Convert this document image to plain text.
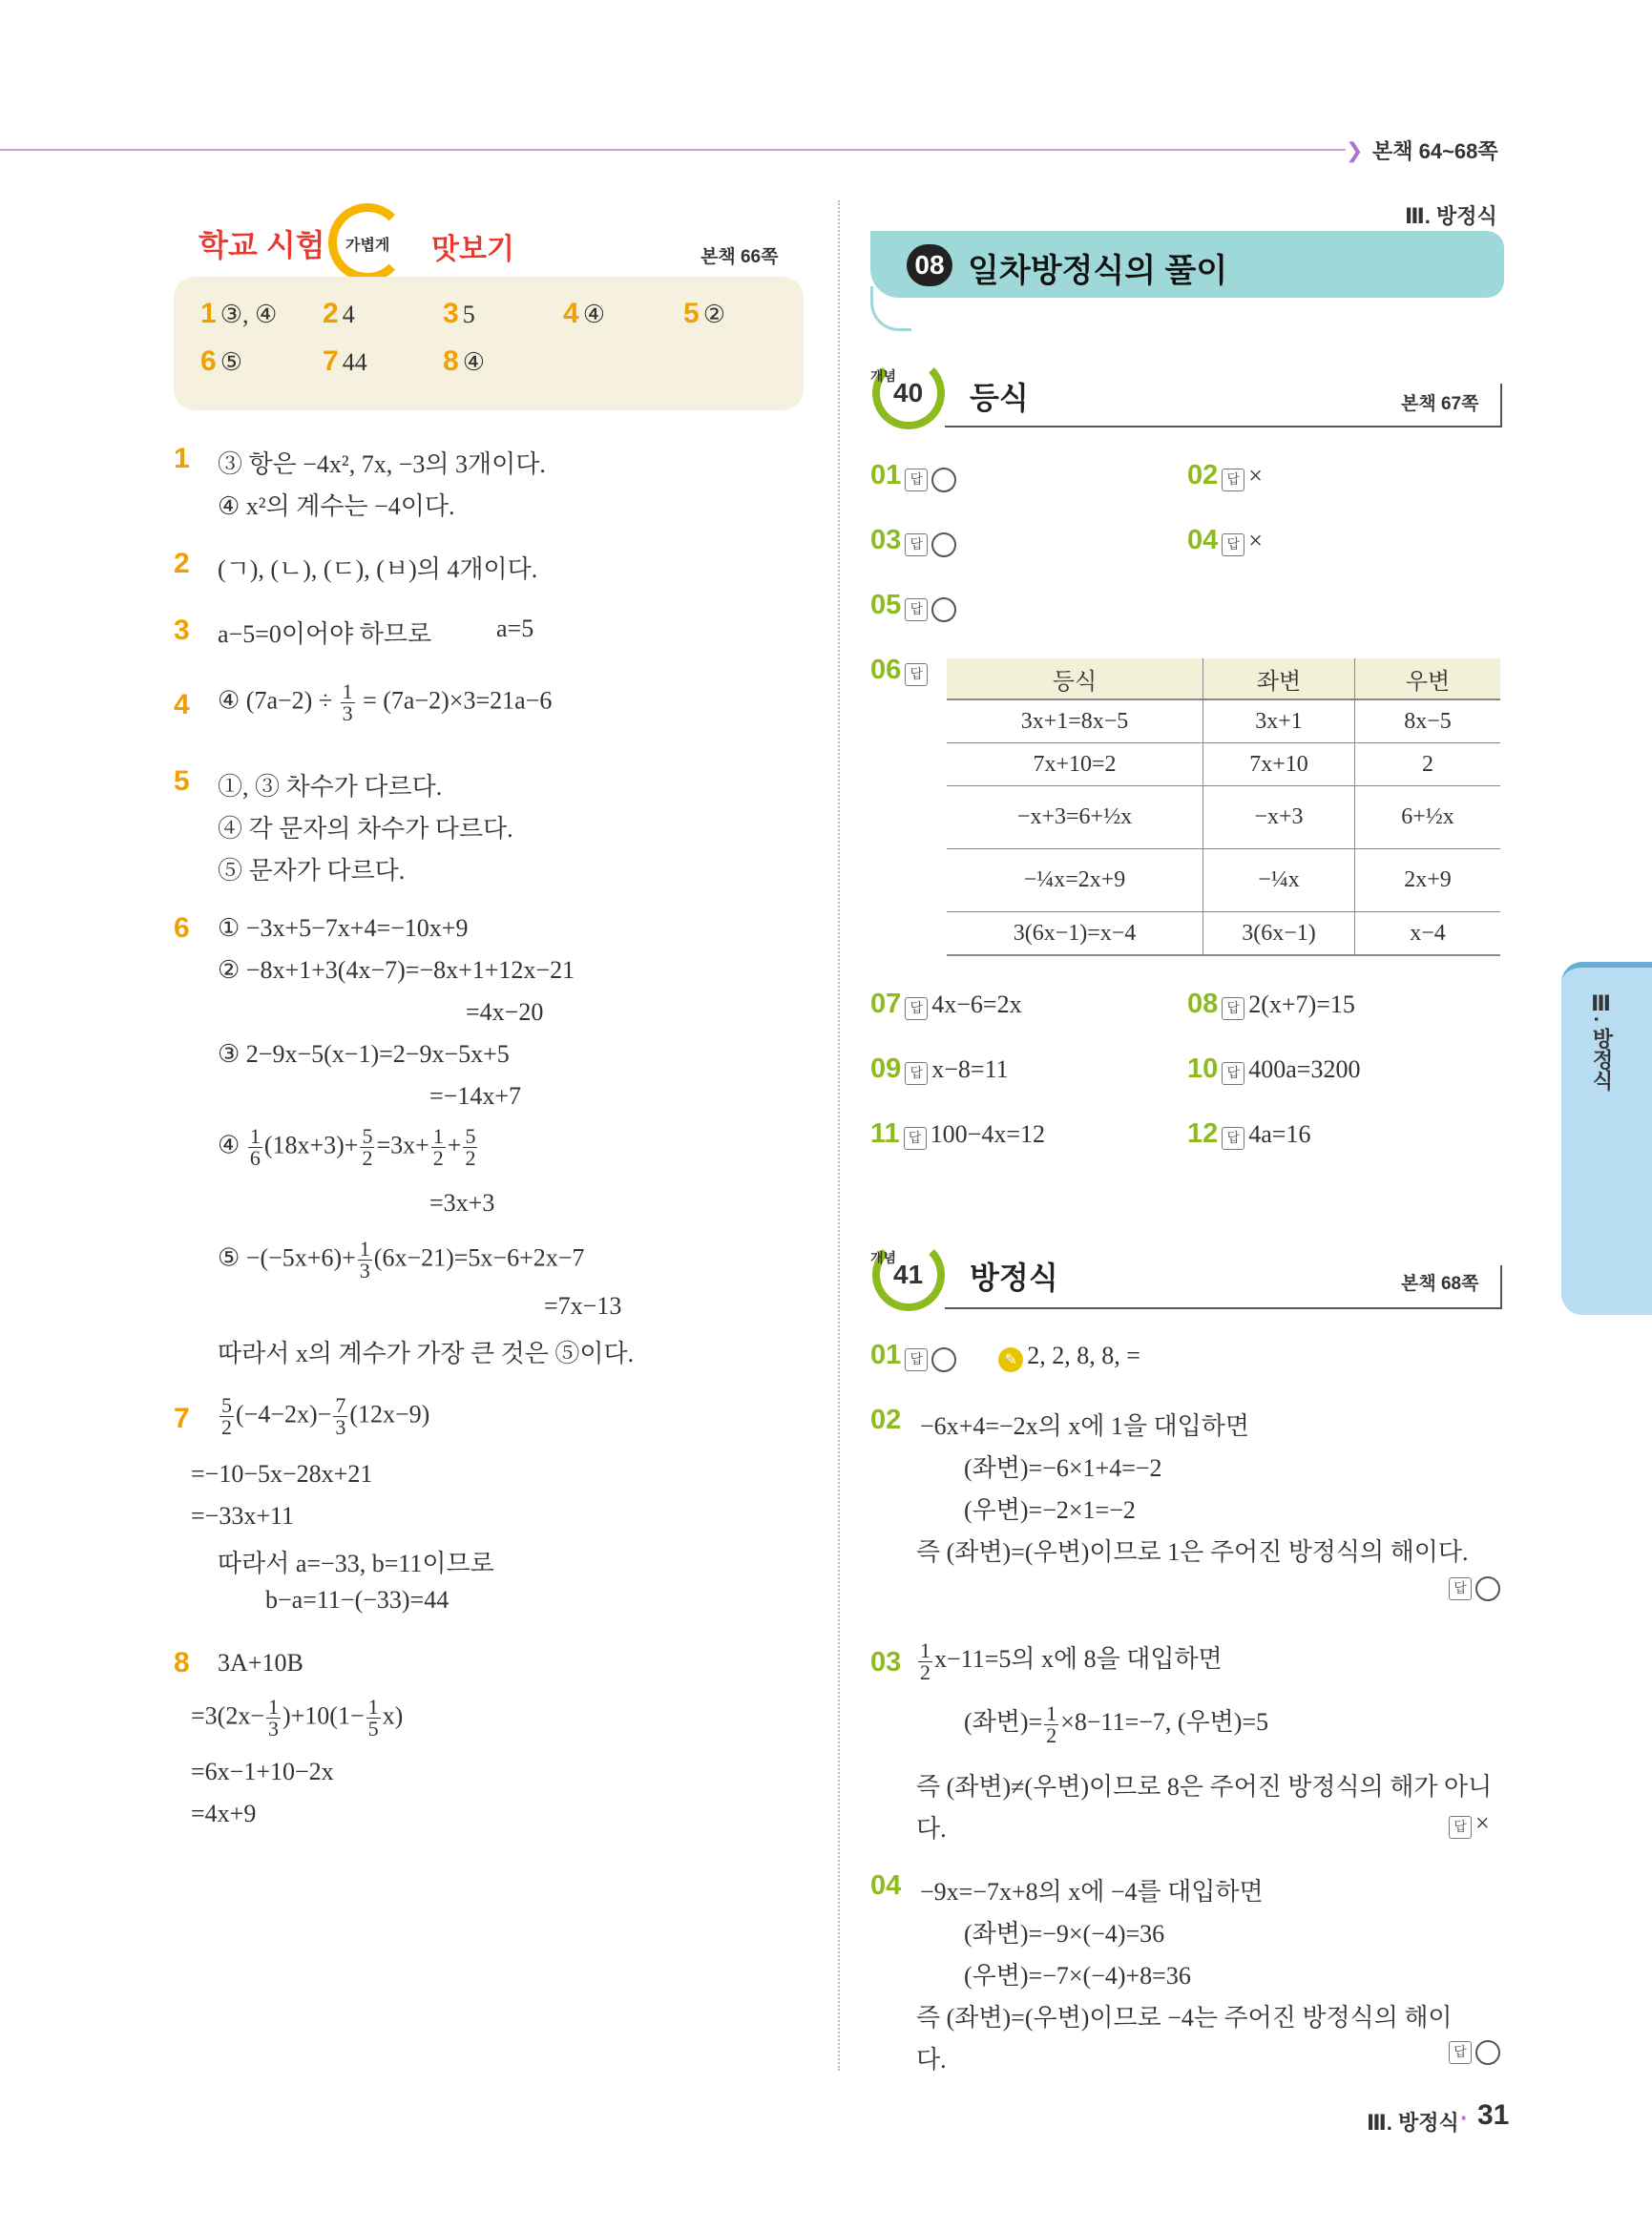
❯ 본책 64~68쪽
Ⅲ. 방정식
학교 시험 가볍게 맛보기	본책 66쪽
1 ③, ④ 2 4	3 5	4 ④	5 ②
6 ⑤	7 44	8 ④
1 ③ 항은 −4x², 7x, −3의 3개이다.
④ x²의 계수는 −4이다.
2 (ㄱ), (ㄴ), (ㄷ), (ㅂ)의 4개이다.
3 a−5=0이어야 하므로	a=5
4 ④ $(7a-2) \div \frac{1}{3} = (7a-2)\times 3=21a-6$
5 ①, ③ 차수가 다르다.
④ 각 문자의 차수가 다르다.
⑤ 문자가 다르다.
6 ① −3x+5−7x+4=−10x+9
② −8x+1+3(4x−7)=−8x+1+12x−21
=4x−20
③ 2−9x−5(x−1)=2−9x−5x+5
=−14x+7
④ $\frac{1}{6} (18x+3)+ \frac{5}{2} =3x+ \frac{1}{2} + \frac{5}{2}$
=3x+3
⑤ $-(-5x+6)+ \frac{1}{3} (6x-21)=5x-6+2x-7$
=7x−13
따라서 x의 계수가 가장 큰 것은 ⑤이다.
$7 \frac{5}{2} (-4-2x)- \frac{7}{3} (12x-9)$
=−10−5x−28x+21
=−33x+11
따라서 a=−33, b=11이므로
b−a=11−(−33)=44
8 3A+10B
$=3(2x- \frac{1}{3} )+10(1- \frac{1}{5} x)$
=6x−1+10−2x
=4x+9
08 일차방정식의 풀이
개념
40 등식	본책 67쪽
01 답	02 답 ×
03 답	04 답 ×
05 답
06 답	등식	좌변	우변
3x+1=8x−5	3x+1	8x−5
7x+10=2	7x+10	2
−x+3=6+½x	−x+3	6+½x
−¼x=2x+9	−¼x	2x+9
3(6x−1)=x−4	3(6x−1)	x−4
07 답 4x−6=2x	08 답 2(x+7)=15
09 답 x−8=11	10 답 400a=3200
11 답 100−4x=12	12 답 4a=16
개념
41 방정식	본책 68쪽
01 답	✎ 2, 2, 8, 8, =
02 −6x+4=−2x의 x에 1을 대입하면
(좌변)=−6×1+4=−2
(우변)=−2×1=−2
즉 (좌변)=(우변)이므로 1은 주어진 방정식의 해이다.
답
$03 \frac{1}{2} x-11=5$의 x에 8을 대입하면
(좌변)= $\frac{1}{2} \times 8-11=-7$, (우변)=5
즉 (좌변)≠(우변)이므로 8은 주어진 방정식의 해가 아니
다.	답 ×
04 −9x=−7x+8의 x에 −4를 대입하면
(좌변)=−9×(−4)=36
(우변)=−7×(−4)+8=36
즉 (좌변)=(우변)이므로 −4는 주어진 방정식의 해이
다.	답
Ⅲ. 방정식
Ⅲ. 방정식 · 31
